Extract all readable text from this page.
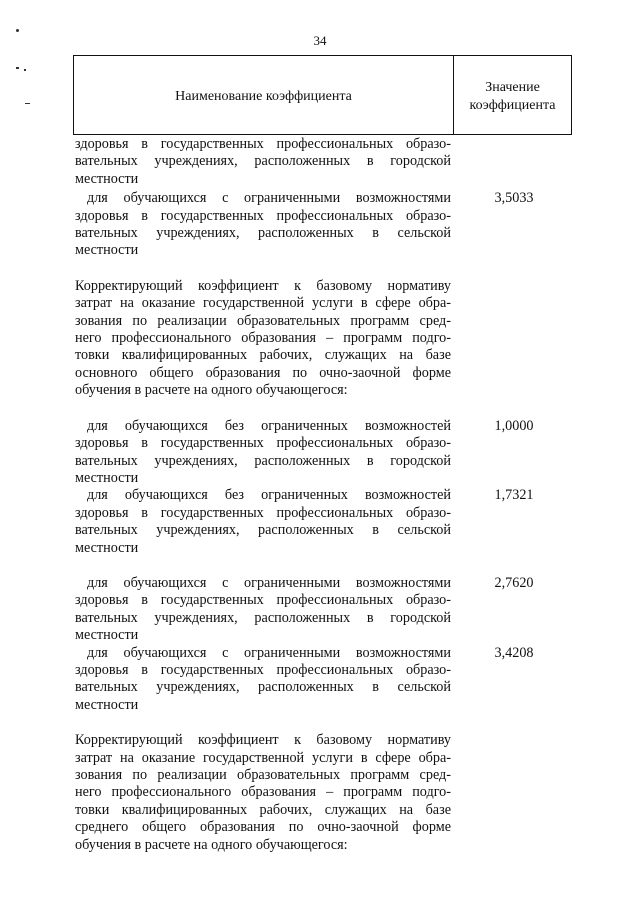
34
Наименование коэффициента
Значение
коэффициента
здоровья в государственных профессиональных образо-
вательных учреждениях, расположенных в городской
местности
для обучающихся с ограниченными возможностями
здоровья в государственных профессиональных образо-
вательных учреждениях, расположенных в сельской
местности
3,5033
Корректирующий коэффициент к базовому нормативу
затрат на оказание государственной услуги в сфере обра-
зования по реализации образовательных программ сред-
него профессионального образования – программ подго-
товки квалифицированных рабочих, служащих на базе
основного общего образования по очно-заочной форме
обучения в расчете на одного обучающегося:
для обучающихся без ограниченных возможностей
здоровья в государственных профессиональных образо-
вательных учреждениях, расположенных в городской
местности
1,0000
для обучающихся без ограниченных возможностей
здоровья в государственных профессиональных образо-
вательных учреждениях, расположенных в сельской
местности
1,7321
для обучающихся с ограниченными возможностями
здоровья в государственных профессиональных образо-
вательных учреждениях, расположенных в городской
местности
2,7620
для обучающихся с ограниченными возможностями
здоровья в государственных профессиональных образо-
вательных учреждениях, расположенных в сельской
местности
3,4208
Корректирующий коэффициент к базовому нормативу
затрат на оказание государственной услуги в сфере обра-
зования по реализации образовательных программ сред-
него профессионального образования – программ подго-
товки квалифицированных рабочих, служащих на базе
среднего общего образования по очно-заочной форме
обучения в расчете на одного обучающегося:
